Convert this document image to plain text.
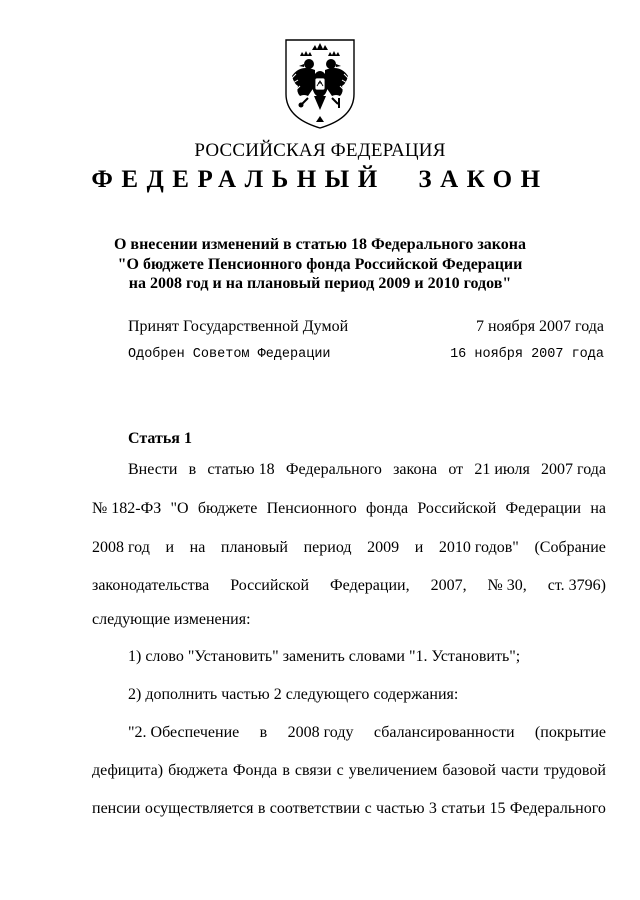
РОССИЙСКАЯ ФЕДЕРАЦИЯ
ФЕДЕРАЛЬНЫЙ ЗАКОН
О внесении изменений в статью 18 Федерального закона
"О бюджете Пенсионного фонда Российской Федерации
на 2008 год и на плановый период 2009 и 2010 годов"
Принят Государственной Думой	7 ноября 2007 года
Одобрен Советом Федерации	16 ноября 2007 года
Статья 1
Внести в статью 18 Федерального закона от 21 июля 2007 года
№ 182-ФЗ "О бюджете Пенсионного фонда Российской Федерации на
2008 год и на плановый период 2009 и 2010 годов" (Собрание
законодательства Российской Федерации, 2007, № 30, ст. 3796)
следующие изменения:
1) слово "Установить" заменить словами "1. Установить";
2) дополнить частью 2 следующего содержания:
"2. Обеспечение в 2008 году сбалансированности (покрытие
дефицита) бюджета Фонда в связи с увеличением базовой части трудовой
пенсии осуществляется в соответствии с частью 3 статьи 15 Федерального
